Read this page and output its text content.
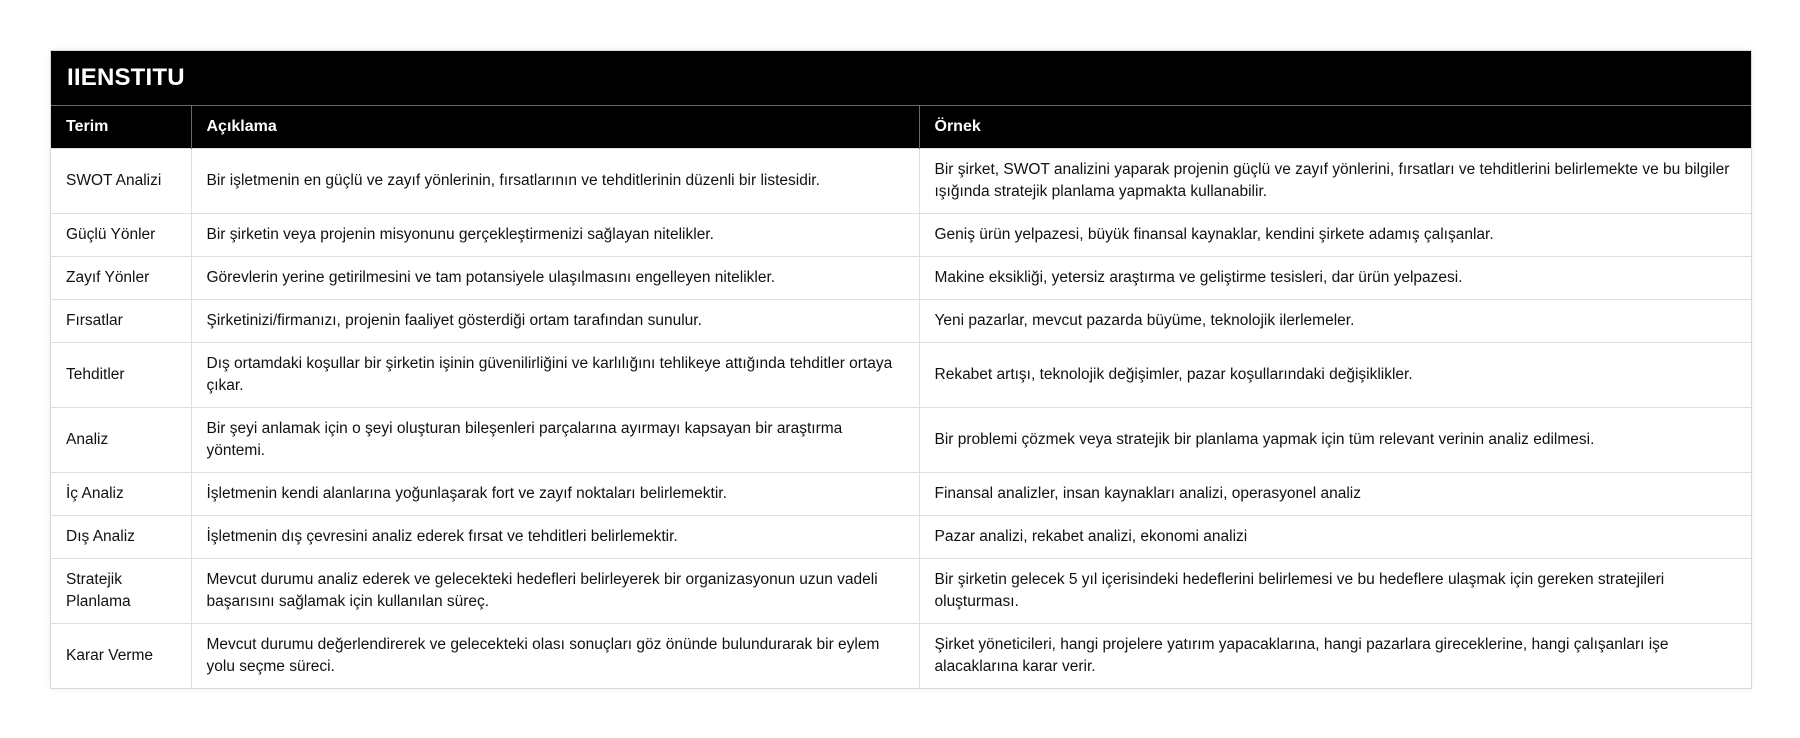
IIENSTITU
Terim	Açıklama	Örnek
SWOT Analizi	Bir işletmenin en güçlü ve zayıf yönlerinin, fırsatlarının ve tehditlerinin düzenli bir listesidir.	Bir şirket, SWOT analizini yaparak projenin güçlü ve zayıf yönlerini, fırsatları ve tehditlerini belirlemekte ve bu bilgiler ışığında stratejik planlama yapmakta kullanabilir.
Güçlü Yönler	Bir şirketin veya projenin misyonunu gerçekleştirmenizi sağlayan nitelikler.	Geniş ürün yelpazesi, büyük finansal kaynaklar, kendini şirkete adamış çalışanlar.
Zayıf Yönler	Görevlerin yerine getirilmesini ve tam potansiyele ulaşılmasını engelleyen nitelikler.	Makine eksikliği, yetersiz araştırma ve geliştirme tesisleri, dar ürün yelpazesi.
Fırsatlar	Şirketinizi/firmanızı, projenin faaliyet gösterdiği ortam tarafından sunulur.	Yeni pazarlar, mevcut pazarda büyüme, teknolojik ilerlemeler.
Tehditler	Dış ortamdaki koşullar bir şirketin işinin güvenilirliğini ve karlılığını tehlikeye attığında tehditler ortaya çıkar.	Rekabet artışı, teknolojik değişimler, pazar koşullarındaki değişiklikler.
Analiz	Bir şeyi anlamak için o şeyi oluşturan bileşenleri parçalarına ayırmayı kapsayan bir araştırma yöntemi.	Bir problemi çözmek veya stratejik bir planlama yapmak için tüm relevant verinin analiz edilmesi.
İç Analiz	İşletmenin kendi alanlarına yoğunlaşarak fort ve zayıf noktaları belirlemektir.	Finansal analizler, insan kaynakları analizi, operasyonel analiz
Dış Analiz	İşletmenin dış çevresini analiz ederek fırsat ve tehditleri belirlemektir.	Pazar analizi, rekabet analizi, ekonomi analizi
Stratejik Planlama	Mevcut durumu analiz ederek ve gelecekteki hedefleri belirleyerek bir organizasyonun uzun vadeli başarısını sağlamak için kullanılan süreç.	Bir şirketin gelecek 5 yıl içerisindeki hedeflerini belirlemesi ve bu hedeflere ulaşmak için gereken stratejileri oluşturması.
Karar Verme	Mevcut durumu değerlendirerek ve gelecekteki olası sonuçları göz önünde bulundurarak bir eylem yolu seçme süreci.	Şirket yöneticileri, hangi projelere yatırım yapacaklarına, hangi pazarlara gireceklerine, hangi çalışanları işe alacaklarına karar verir.
